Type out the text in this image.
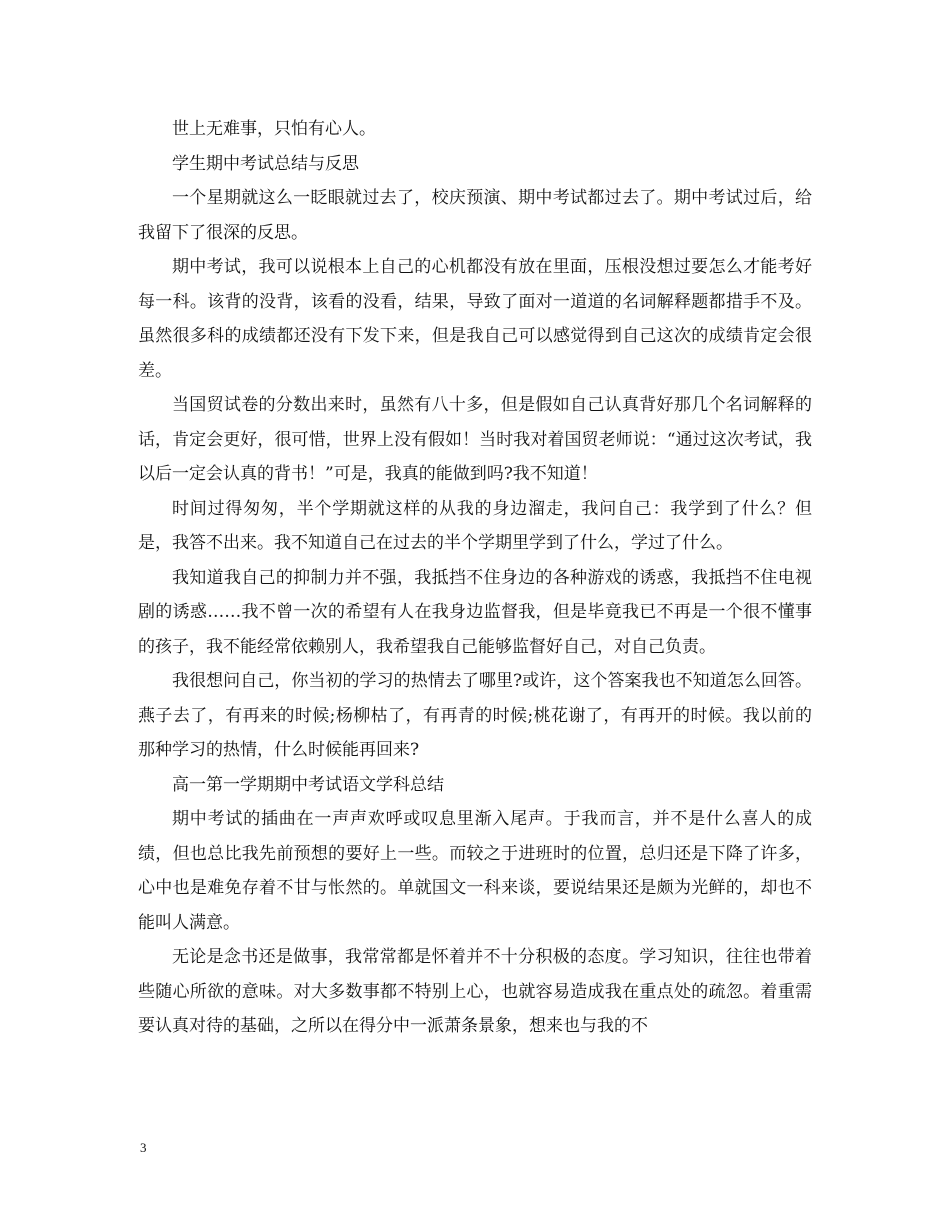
世上无难事，只怕有心人。

学生期中考试总结与反思

一个星期就这么一眨眼就过去了，校庆预演、期中考试都过去了。期中考试过后，给我留下了很深的反思。

期中考试，我可以说根本上自己的心机都没有放在里面，压根没想过要怎么才能考好每一科。该背的没背，该看的没看，结果，导致了面对一道道的名词解释题都措手不及。虽然很多科的成绩都还没有下发下来，但是我自己可以感觉得到自己这次的成绩肯定会很差。

当国贸试卷的分数出来时，虽然有八十多，但是假如自己认真背好那几个名词解释的话，肯定会更好，很可惜，世界上没有假如！当时我对着国贸老师说：“通过这次考试，我以后一定会认真的背书！”可是，我真的能做到吗?我不知道！

时间过得匆匆，半个学期就这样的从我的身边溜走，我问自己：我学到了什么？但是，我答不出来。我不知道自己在过去的半个学期里学到了什么，学过了什么。

我知道我自己的抑制力并不强，我抵挡不住身边的各种游戏的诱惑，我抵挡不住电视剧的诱惑……我不曾一次的希望有人在我身边监督我，但是毕竟我已不再是一个很不懂事的孩子，我不能经常依赖别人，我希望我自己能够监督好自己，对自己负责。

我很想问自己，你当初的学习的热情去了哪里?或许，这个答案我也不知道怎么回答。燕子去了，有再来的时候;杨柳枯了，有再青的时候;桃花谢了，有再开的时候。我以前的那种学习的热情，什么时候能再回来?

高一第一学期期中考试语文学科总结

期中考试的插曲在一声声欢呼或叹息里渐入尾声。于我而言，并不是什么喜人的成绩，但也总比我先前预想的要好上一些。而较之于进班时的位置，总归还是下降了许多，心中也是难免存着不甘与怅然的。单就国文一科来谈，要说结果还是颇为光鲜的，却也不能叫人满意。

无论是念书还是做事，我常常都是怀着并不十分积极的态度。学习知识，往往也带着些随心所欲的意味。对大多数事都不特别上心，也就容易造成我在重点处的疏忽。着重需要认真对待的基础，之所以在得分中一派萧条景象，想来也与我的不

3
